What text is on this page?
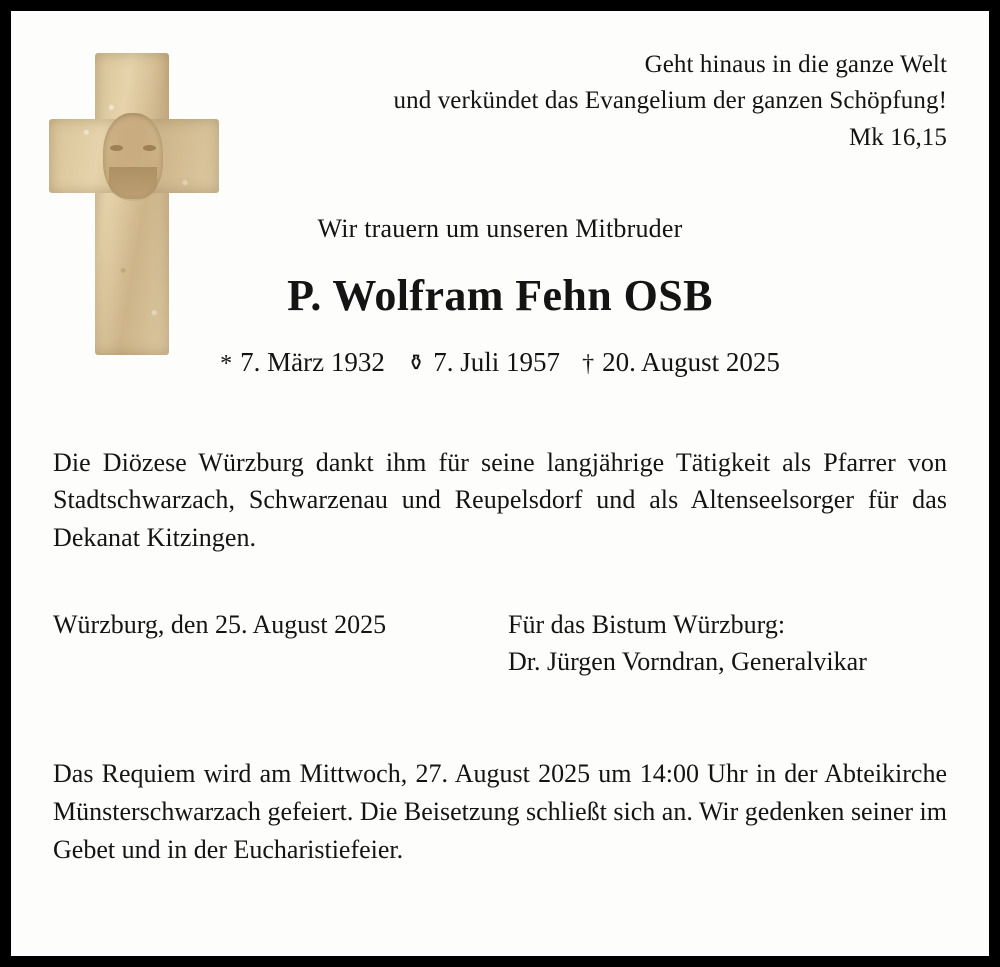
Geht hinaus in die ganze Welt
und verkündet das Evangelium der ganzen Schöpfung!
Mk 16,15
Wir trauern um unseren Mitbruder
P. Wolfram Fehn OSB
* 7. März 1932 ⚱ 7. Juli 1957 † 20. August 2025
Die Diözese Würzburg dankt ihm für seine langjährige Tätigkeit als Pfarrer von Stadtschwarzach, Schwarzenau und Reupelsdorf und als Altenseelsorger für das Dekanat Kitzingen.
Würzburg, den 25. August 2025	Für das Bistum Würzburg:
Dr. Jürgen Vorndran, Generalvikar
Das Requiem wird am Mittwoch, 27. August 2025 um 14:00 Uhr in der Abteikirche Münsterschwarzach gefeiert. Die Beisetzung schließt sich an. Wir gedenken seiner im Gebet und in der Eucharistiefeier.
